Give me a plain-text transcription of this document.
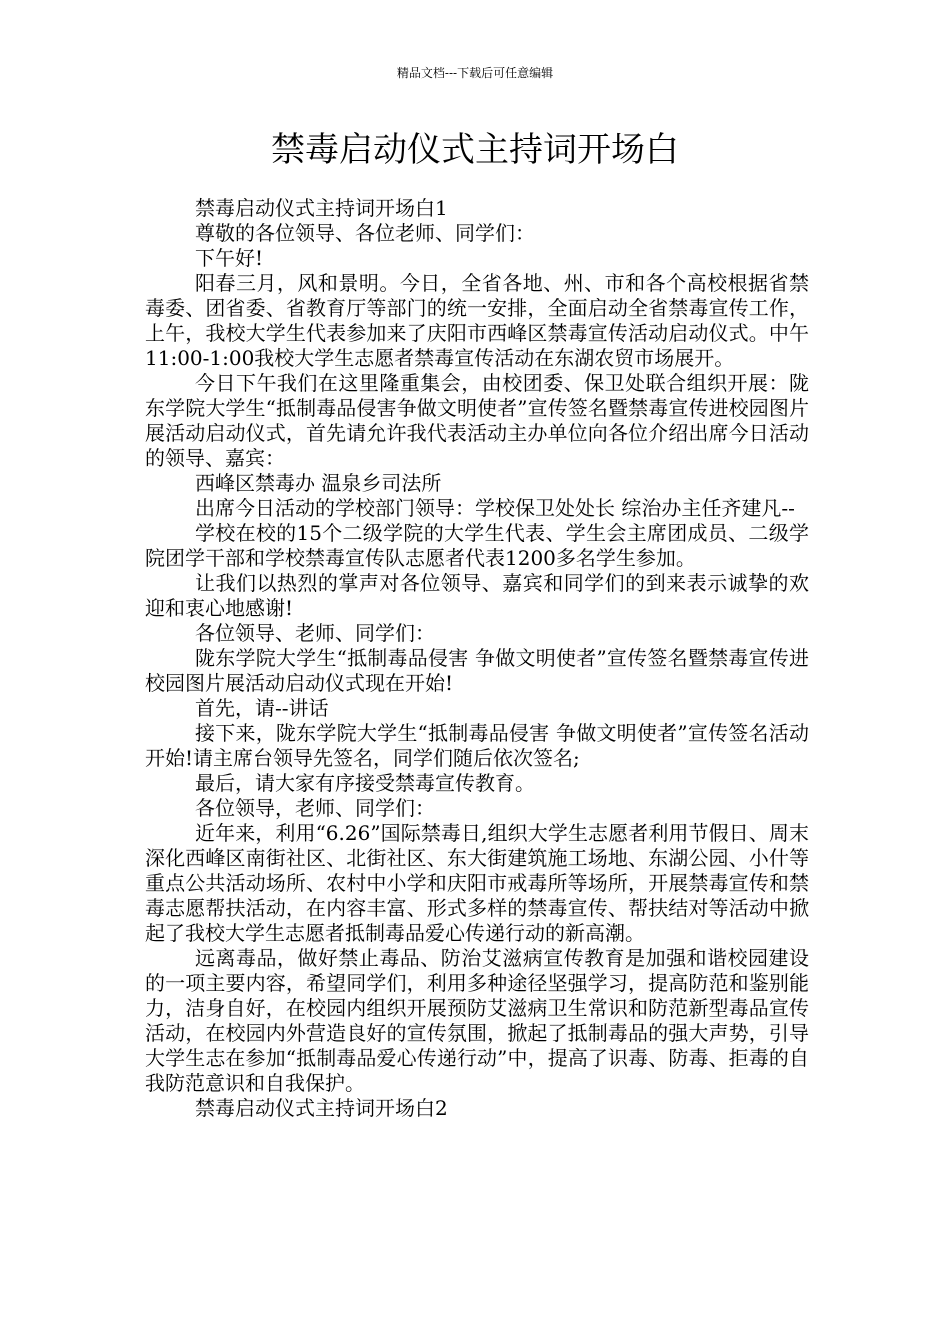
精品文档---下载后可任意编辑
禁毒启动仪式主持词开场白

禁毒启动仪式主持词开场白1

尊敬的各位领导、各位老师、同学们：

下午好!

阳春三月，风和景明。今日，全省各地、州、市和各个高校根据省禁毒委、团省委、省教育厅等部门的统一安排，全面启动全省禁毒宣传工作，上午，我校大学生代表参加来了庆阳市西峰区禁毒宣传活动启动仪式。中午11:00-1:00我校大学生志愿者禁毒宣传活动在东湖农贸市场展开。

今日下午我们在这里隆重集会，由校团委、保卫处联合组织开展：陇东学院大学生“抵制毒品侵害争做文明使者”宣传签名暨禁毒宣传进校园图片展活动启动仪式，首先请允许我代表活动主办单位向各位介绍出席今日活动的领导、嘉宾：

西峰区禁毒办 温泉乡司法所

出席今日活动的学校部门领导：学校保卫处处长 综治办主任齐建凡--

学校在校的15个二级学院的大学生代表、学生会主席团成员、二级学院团学干部和学校禁毒宣传队志愿者代表1200多名学生参加。

让我们以热烈的掌声对各位领导、嘉宾和同学们的到来表示诚挚的欢迎和衷心地感谢!

各位领导、老师、同学们：

陇东学院大学生“抵制毒品侵害 争做文明使者”宣传签名暨禁毒宣传进校园图片展活动启动仪式现在开始!

首先，请--讲话

接下来，陇东学院大学生“抵制毒品侵害 争做文明使者”宣传签名活动开始!请主席台领导先签名，同学们随后依次签名;

最后，请大家有序接受禁毒宣传教育。

各位领导，老师、同学们：

近年来，利用“6.26”国际禁毒日,组织大学生志愿者利用节假日、周末深化西峰区南街社区、北街社区、东大街建筑施工场地、东湖公园、小什等重点公共活动场所、农村中小学和庆阳市戒毒所等场所，开展禁毒宣传和禁毒志愿帮扶活动，在内容丰富、形式多样的禁毒宣传、帮扶结对等活动中掀起了我校大学生志愿者抵制毒品爱心传递行动的新高潮。

远离毒品，做好禁止毒品、防治艾滋病宣传教育是加强和谐校园建设的一项主要内容，希望同学们，利用多种途径坚强学习，提高防范和鉴别能力，洁身自好，在校园内组织开展预防艾滋病卫生常识和防范新型毒品宣传活动，在校园内外营造良好的宣传氛围，掀起了抵制毒品的强大声势，引导大学生志在参加“抵制毒品爱心传递行动”中，提高了识毒、防毒、拒毒的自我防范意识和自我保护。

禁毒启动仪式主持词开场白2
